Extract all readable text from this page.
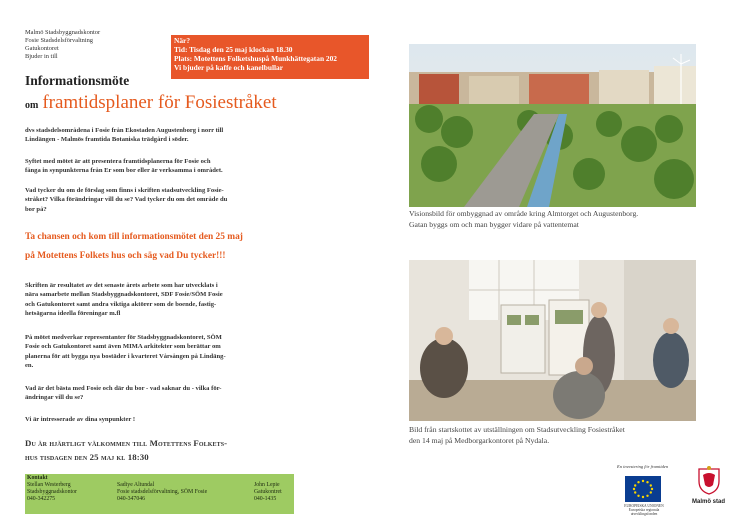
Malmö Stadsbyggnadskontor
Fosie Stadsdelsförvaltning
Gatukontoret
Bjuder in till
När?
Tid: Tisdag den 25 maj klockan 18.30
Plats: Motettens Folketshuspå Munkhättegatan 202
Vi bjuder på kaffe och kanelbullar
Informationsmöte
om framtidsplaner för Fosiestråket
dvs stadsdelsområdena i Fosie från Ekostaden Augustenborg i norr till
Lindängen - Malmös framtida Botaniska trädgård i söder.
Syftet med mötet är att presentera framtidsplanerna för Fosie och
fånga in synpunkterna från Er som bor eller är verksamma i området.
Vad tycker du om de förslag som finns i skriften stadsutveckling Fosie-
stråket? Vilka förändringar vill du se? Vad tycker du om det område du
bor på?
Ta chansen och kom till informationsmötet den 25 maj
på Motettens Folkets hus och säg vad Du tycker!!!
Skriften är resultatet av det senaste årets arbete som har utvecklats i
nära samarbete mellan Stadsbyggnadskontoret, SDF Fosie/SÖM Fosie
och Gatukontoret samt andra viktiga aktörer som de boende, fastig-
hetsägarna ideella föreningar m.fl
På mötet medverkar representanter för Stadsbyggnadskontoret, SÖM
Fosie och Gatukontoret samt även MIMA arkitekter som berättar om
planerna för att bygga nya bostäder i kvarteret Vårsången på Lindäng-
en.
Vad är det bästa med Fosie och där du bor - vad saknar du - vilka för-
ändringar vill du se?
Vi är intresserade av dina synpunkter !
Du är hjärtligt välkommen till Motettens Folkets-
hus tisdagen den 25 maj kl 18:30
Kontakt
Stellan Westerberg
Stadsbyggnadskontor
040-342275
Sadiye Altundal
Fosie stadsdelsförvaltning, SÖM Fosie
040-347046
John Lepie
Gatukontret
040-1435
Visionsbild för ombyggnad av område kring Almtorget och Augustenborg.
Gatan byggs om och man bygger vidare på vattentemat
Bild från startskottet av utställningen om Stadsutveckling Fosiestråket
den 14 maj på Medborgarkontoret på Nydala.
En investering för framtiden
EUROPEISKA UNIONEN
Europeiska regionala
utvecklingsfonden
Malmö stad
